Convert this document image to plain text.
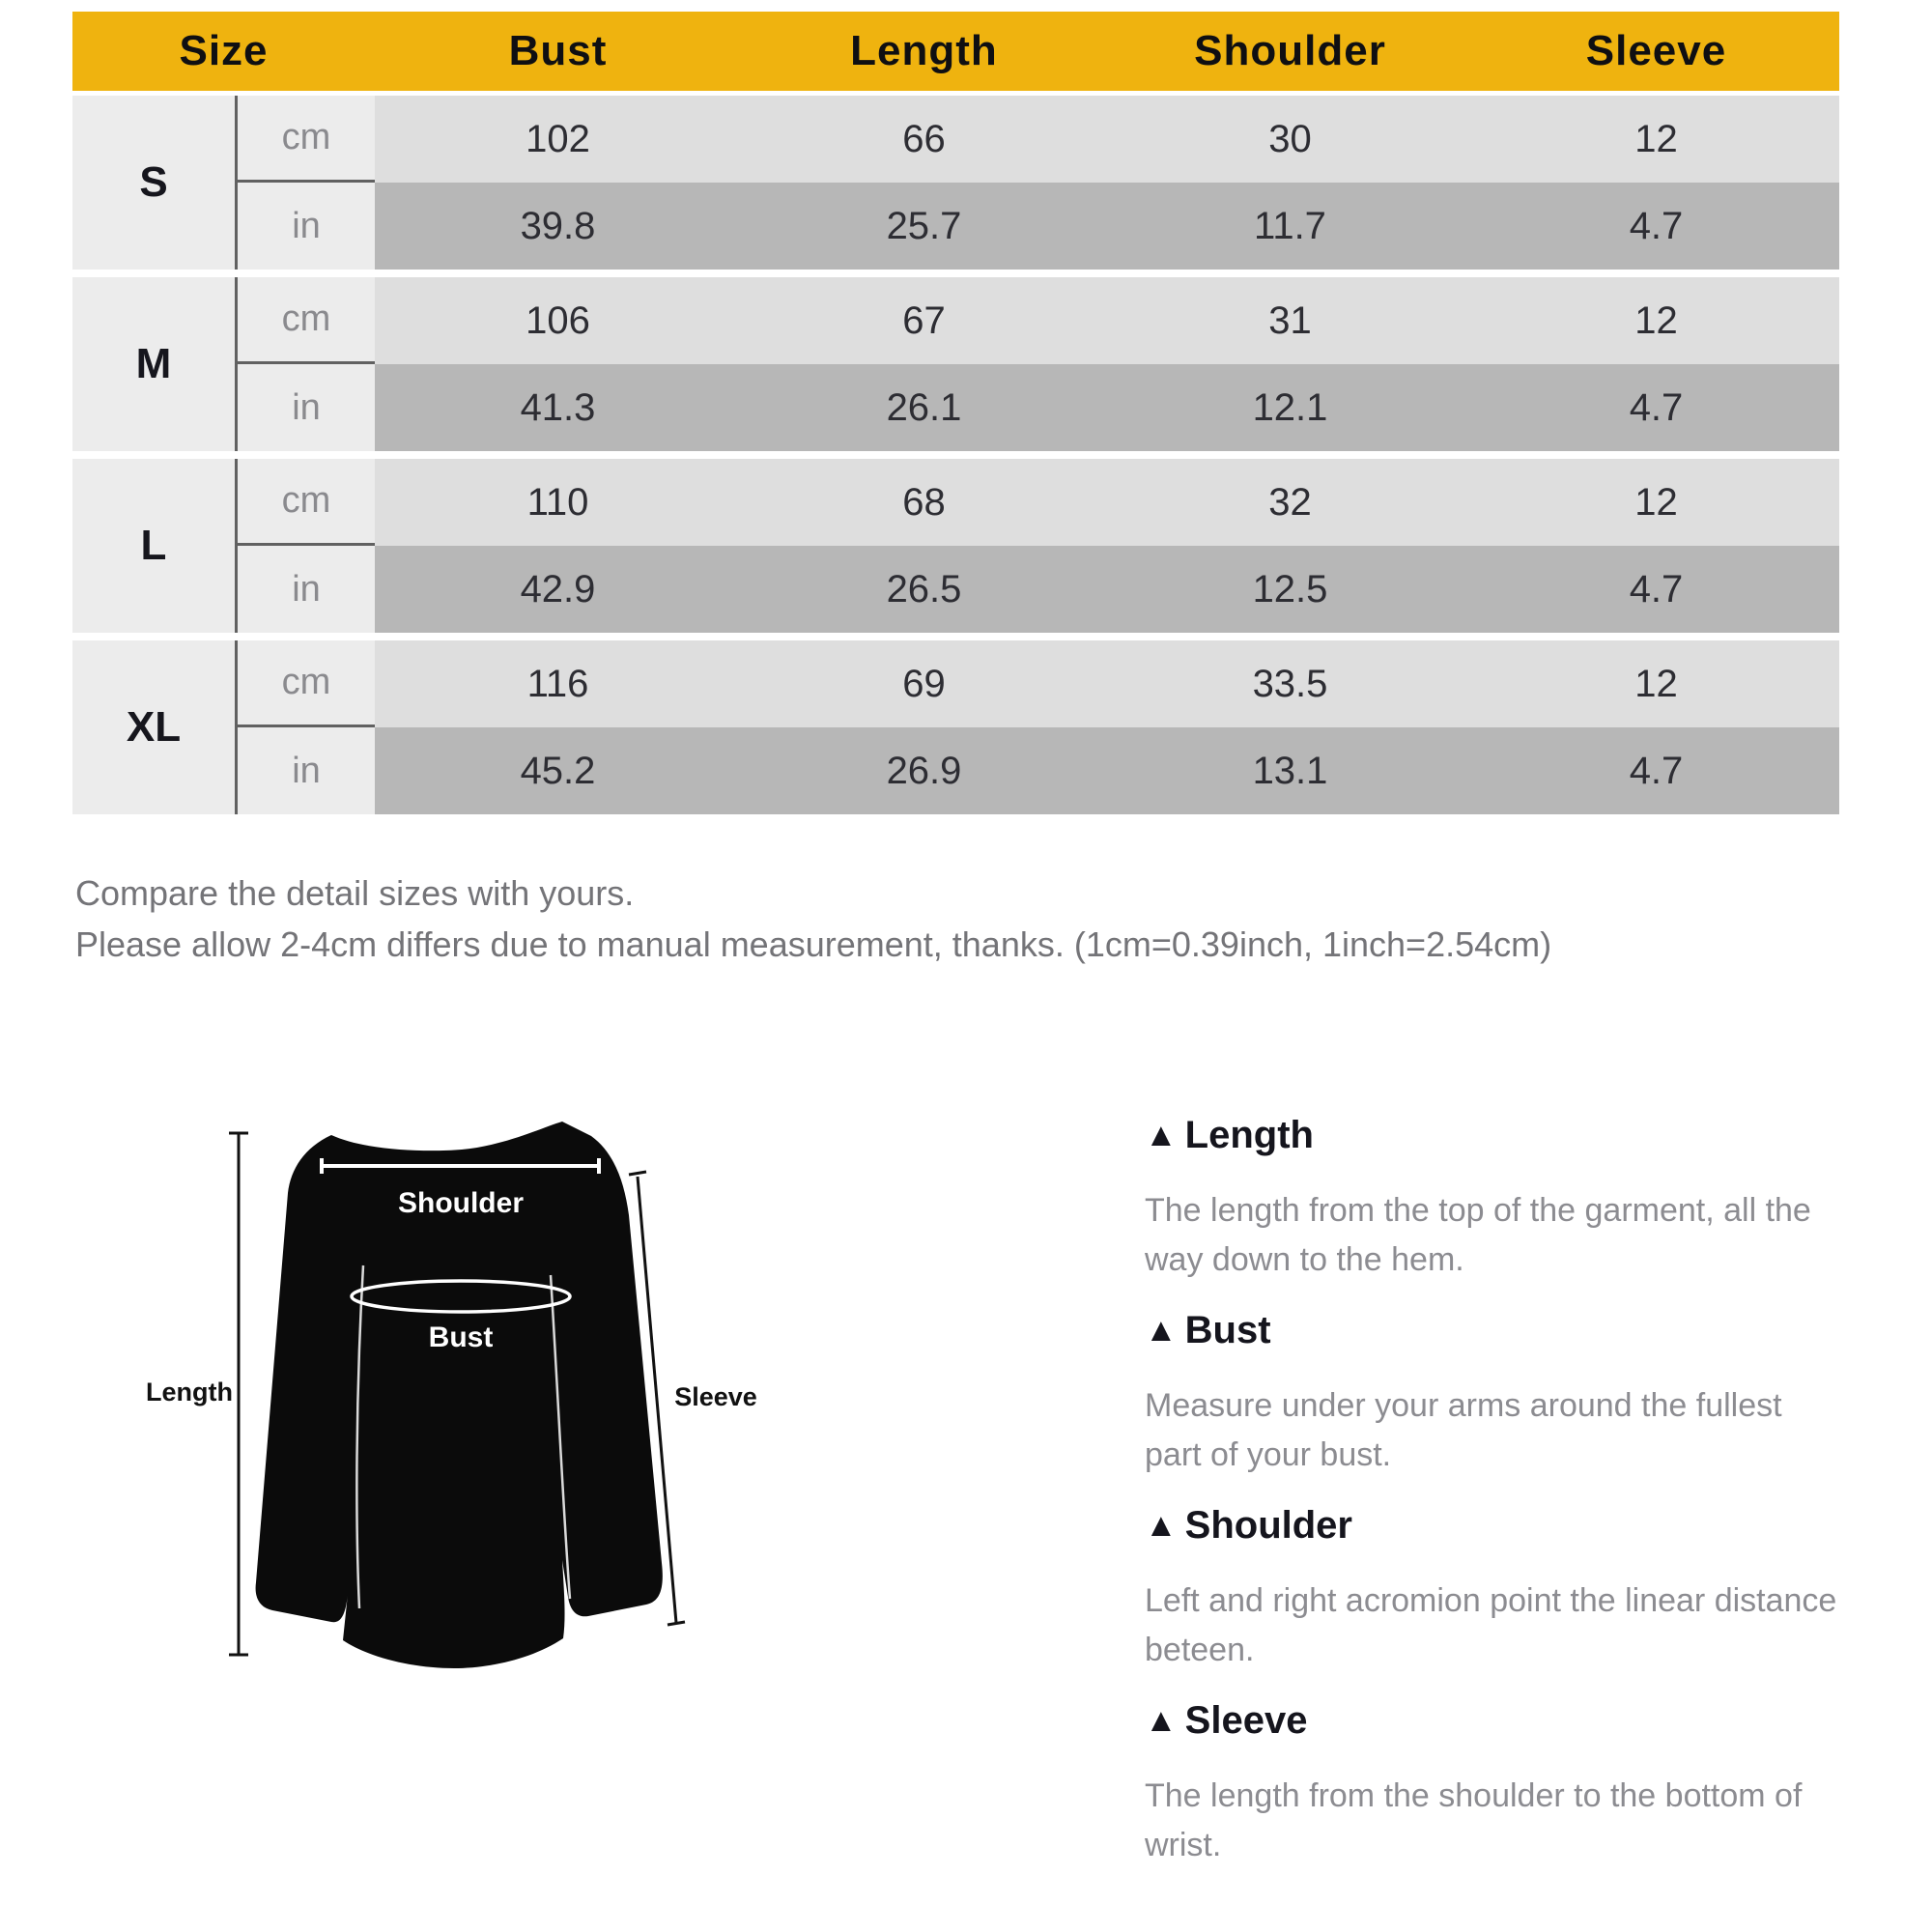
Size	Bust	Length	Shoulder	Sleeve
S
cm	102	66	30	12
in	39.8	25.7	11.7	4.7
M
cm	106	67	31	12
in	41.3	26.1	12.1	4.7
L
cm	110	68	32	12
in	42.9	26.5	12.5	4.7
XL
cm	116	69	33.5	12
in	45.2	26.9	13.1	4.7
Compare the detail sizes with yours.
Please allow 2-4cm differs due to manual measurement, thanks. (1cm=0.39inch, 1inch=2.54cm)
Shoulder
Bust
Length	Sleeve
▲ Length
The length from the top of the garment, all the way down to the hem.
▲ Bust
Measure under your arms around the fullest part of your bust.
▲ Shoulder
Left and right acromion point the linear distance beteen.
▲ Sleeve
The length from the shoulder to the bottom of wrist.
